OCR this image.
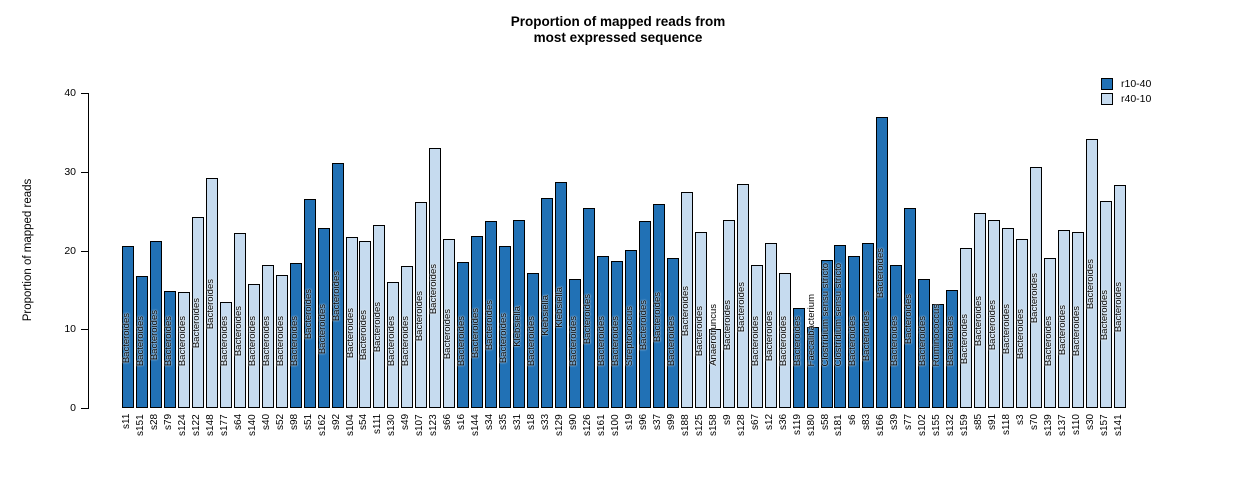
Proportion of mapped reads from
most expressed sequence
Proportion of mapped reads
0
10
20
30
40
r10-40
r40-10
Bacteroides
s11
Bacteroides
s151
Bacteroides
s28
Bacteroides
s79
Bacteroides
s124
Bacteroides
s122
Bacteroides
s148
Bacteroides
s177
Bacteroides
s64
Bacteroides
s140
Bacteroides
s40
Bacteroides
s52
Bacteroides
s98
Bacteroides
s51
Bacteroides
s162
Bacteroides
s92
Bacteroides
s104
Bacteroides
s54
Bacteroides
s111
Bacteroides
s130
Bacteroides
s49
Bacteroides
s107
Bacteroides
s123
Bacteroides
s66
Bacteroides
s16
Bacteroides
s144
Bacteroides
s34
Bacteroides
s35
Klebsiella
s31
Bacteroides
s18
Klebsiella
s33
Klebsiella
s129
Bacteroides
s90
Bacteroides
s126
Bacteroides
s161
Bacteroides
s100
Streptococcus
s19
Bacteroides
s96
Bacteroides
s37
Bacteroides
s99
Bacteroides
s188
Bacteroides
s125
Anaerotruncus
s158
Bacteroides
s9
Bacteroides
s128
Bacteroides
s67
Bacteroides
s12
Bacteroides
s36
Bacteroides
s119
Faecalibacterium
s180
Clostridium sensu stricto
s58
Clostridium sensu stricto
s181
Bacteroides
s6
Bacteroides
s83
Bacteroides
s166
Bacteroides
s39
Bacteroides
s77
Bacteroides
s102
Ruminococcus
s155
Bacteroides
s132
Bacteroides
s159
Bacteroides
s85
Bacteroides
s91
Bacteroides
s118
Bacteroides
s3
Bacteroides
s70
Bacteroides
s139
Bacteroides
s137
Bacteroides
s110
Bacteroides
s30
Bacteroides
s157
Bacteroides
s141
